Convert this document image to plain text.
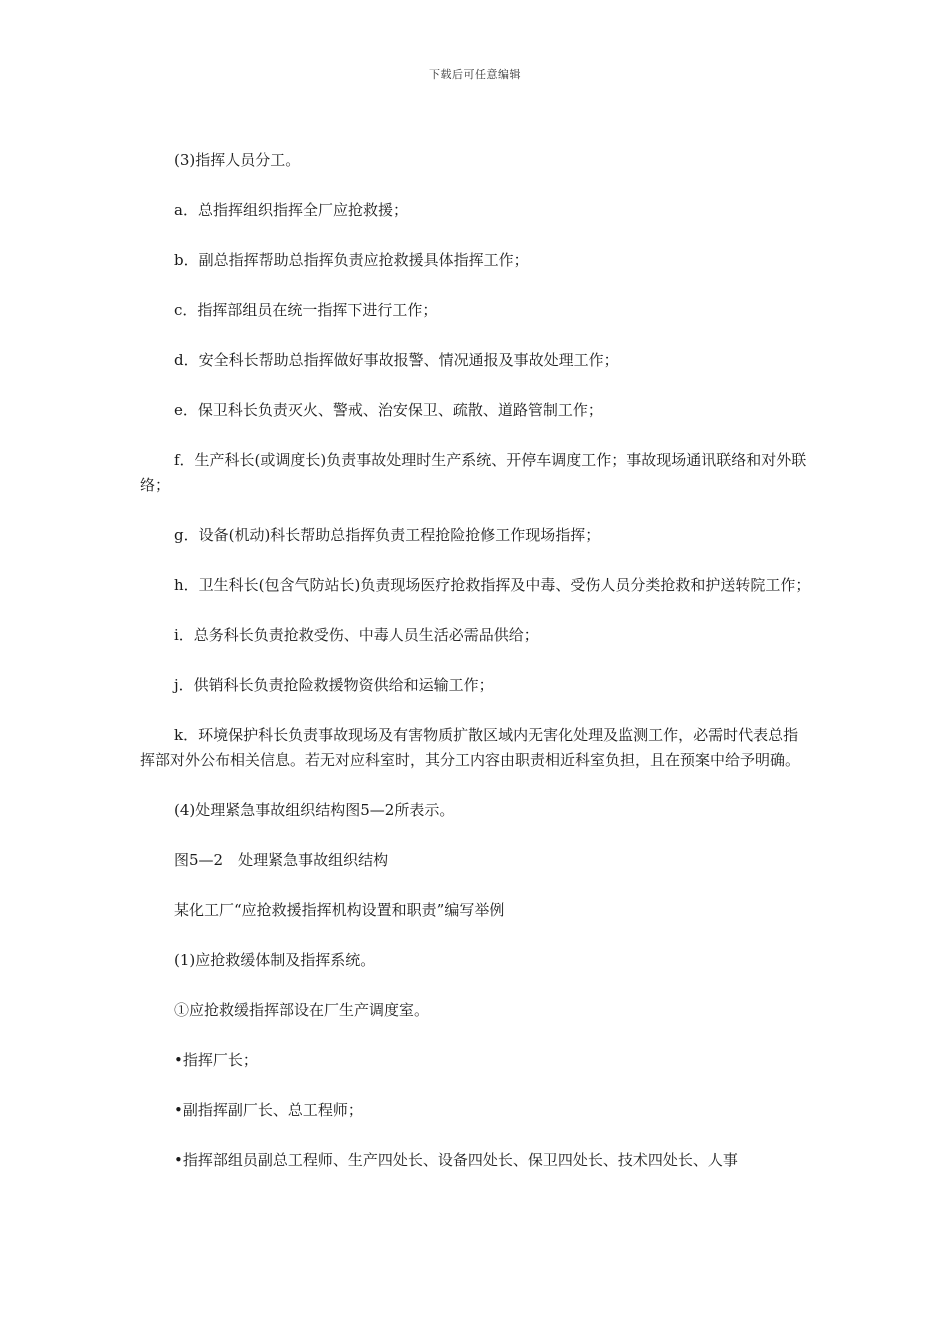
下载后可任意编辑

(3)指挥人员分工。

a．总指挥组织指挥全厂应抢救援；

b．副总指挥帮助总指挥负责应抢救援具体指挥工作；

c．指挥部组员在统一指挥下进行工作；

d．安全科长帮助总指挥做好事故报警、情况通报及事故处理工作；

e．保卫科长负责灭火、警戒、治安保卫、疏散、道路管制工作；

f．生产科长(或调度长)负责事故处理时生产系统、开停车调度工作；事故现场通讯联络和对外联络；

g．设备(机动)科长帮助总指挥负责工程抢险抢修工作现场指挥；

h．卫生科长(包含气防站长)负责现场医疗抢救指挥及中毒、受伤人员分类抢救和护送转院工作；

i．总务科长负责抢救受伤、中毒人员生活必需品供给；

j．供销科长负责抢险救援物资供给和运输工作；

k．环境保护科长负责事故现场及有害物质扩散区域内无害化处理及监测工作，必需时代表总指挥部对外公布相关信息。若无对应科室时，其分工内容由职责相近科室负担，且在预案中给予明确。

(4)处理紧急事故组织结构图5—2所表示。

图5—2　处理紧急事故组织结构

某化工厂“应抢救援指挥机构设置和职责”编写举例

(1)应抢救缓体制及指挥系统。

①应抢救缓指挥部设在厂生产调度室。

•指挥厂长；

•副指挥副厂长、总工程师；

•指挥部组员副总工程师、生产四处长、设备四处长、保卫四处长、技术四处长、人事
